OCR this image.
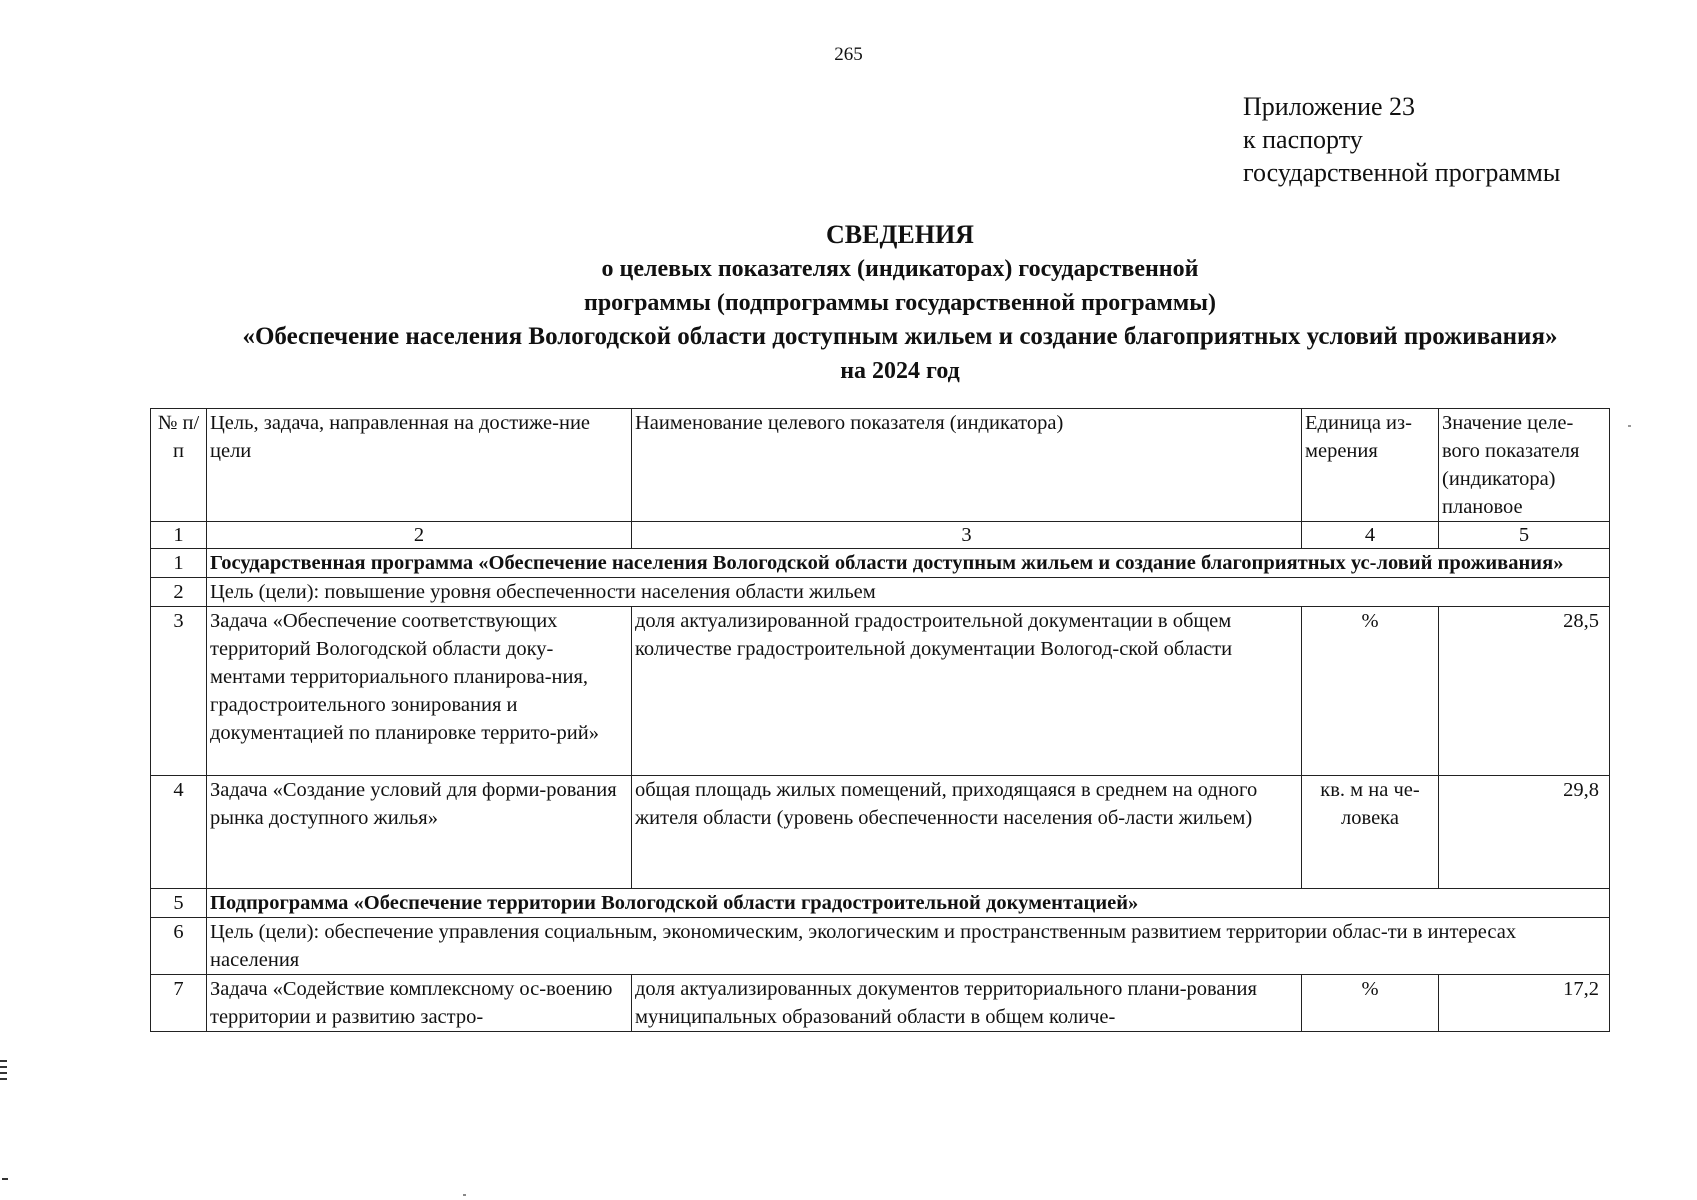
265
Приложение 23
к паспорту
государственной программы
СВЕДЕНИЯ
о целевых показателях (индикаторах) государственной
программы (подпрограммы государственной программы)
«Обеспечение населения Вологодской области доступным жильем и создание благоприятных условий проживания»
на 2024 год
№ п/п	Цель, задача, направленная на достиже-ние цели	Наименование целевого показателя (индикатора)	Единица из-мерения	Значение целе-вого показателя (индикатора) плановое
1	2	3	4	5
1	Государственная программа «Обеспечение населения Вологодской области доступным жильем и создание благоприятных ус-ловий проживания»			
2	Цель (цели): повышение уровня обеспеченности населения области жильем			
3	Задача «Обеспечение соответствующих территорий Вологодской области доку-ментами территориального планирова-ния, градостроительного зонирования и документацией по планировке террито-рий»	доля актуализированной градостроительной документации в общем количестве градостроительной документации Вологод-ской области	%	28,5
4	Задача «Создание условий для форми-рования рынка доступного жилья»	общая площадь жилых помещений, приходящаяся в среднем на одного жителя области (уровень обеспеченности населения об-ласти жильем)	кв. м на че-ловека	29,8
5	Подпрограмма «Обеспечение территории Вологодской области градостроительной документацией»			
6	Цель (цели): обеспечение управления социальным, экономическим, экологическим и пространственным развитием территории облас-ти в интересах населения			
7	Задача «Содействие комплексному ос-воению территории и развитию застро-	доля актуализированных документов территориального плани-рования муниципальных образований области в общем количе-	%	17,2
